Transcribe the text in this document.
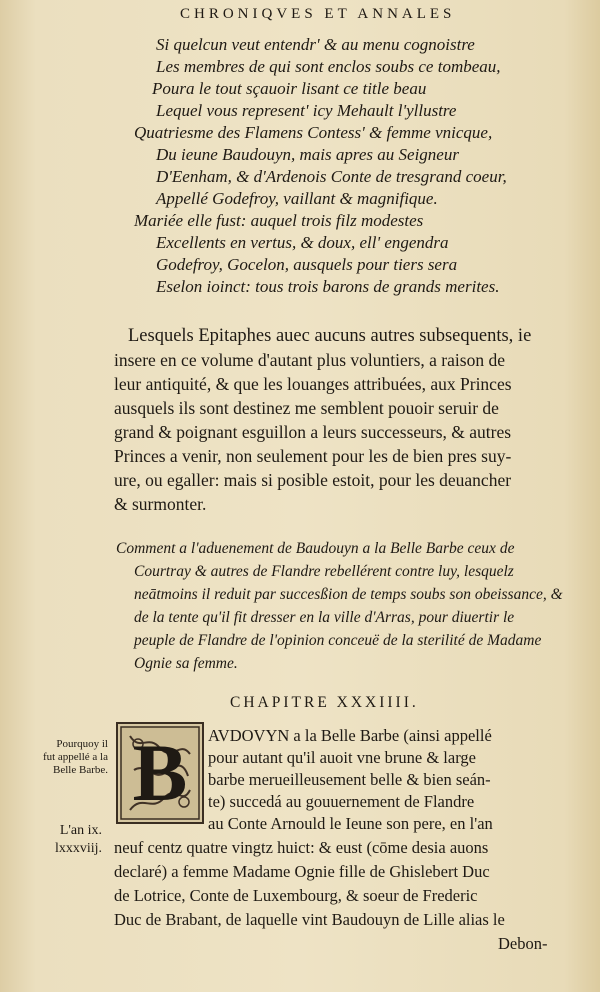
CHRONIQVES ET ANNALES
Si quelcun veut entendr' & au menu cognoistre
Les membres de qui sont enclos soubs ce tombeau,
Poura le tout sçauoir lisant ce title beau
Lequel vous represent' icy Mehault l'yllustre
Quatriesme des Flamens Contess' & femme vnicque,
Du ieune Baudouyn, mais apres au Seigneur
D'Eenham, & d'Ardenois Conte de tresgrand coeur,
Appellé Godefroy, vaillant & magnifique.
Mariée elle fust: auquel trois filz modestes
Excellents en vertus, & doux, ell' engendra
Godefroy, Gocelon, ausquels pour tiers sera
Eselon ioinct: tous trois barons de grands merites.
Lesquels Epitaphes auec aucuns autres subsequents, ie
insere en ce volume d'autant plus voluntiers, a raison de
leur antiquité, & que les louanges attribuées, aux Princes
ausquels ils sont destinez me semblent pouoir seruir de
grand & poignant esguillon a leurs successeurs, & autres
Princes a venir, non seulement pour les de bien pres suy-
ure, ou egaller: mais si posible estoit, pour les deuancher
& surmonter.
Comment a l'aduenement de Baudouyn a la Belle Barbe ceux de
Courtray & autres de Flandre rebellérent contre luy, lesquelz
neātmoins il reduit par succesßion de temps soubs son obeissance, &
de la tente qu'il fit dresser en la ville d'Arras, pour diuertir le
peuple de Flandre de l'opinion conceuë de la sterilité de Madame
Ognie sa femme.
CHAPITRE XXXIIII.
Pourquoy il
fut appellé a la
Belle Barbe.
L'an ix.
lxxxviij.
B AVDOVYN a la Belle Barbe (ainsi appellé
pour autant qu'il auoit vne brune & large
barbe merueilleusement belle & bien seán-
te) succedá au gouuernement de Flandre
au Conte Arnould le Ieune son pere, en l'an
neuf centz quatre vingtz huict: & eust (cōme desia auons
declaré) a femme Madame Ognie fille de Ghislebert Duc
de Lotrice, Conte de Luxembourg, & soeur de Frederic
Duc de Brabant, de laquelle vint Baudouyn de Lille alias le
Debon-
